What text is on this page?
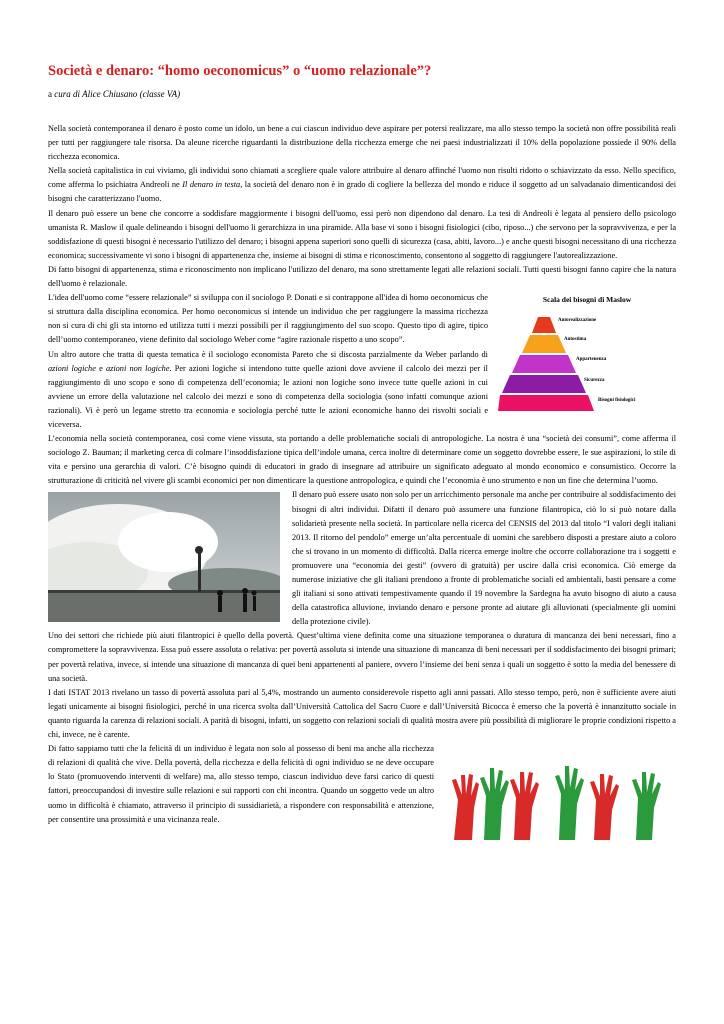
Società e denaro: “homo oeconomicus” o “uomo relazionale”?
a cura di Alice Chiusano (classe VA)

Nella società contemporanea il denaro è posto come un idolo, un bene a cui ciascun individuo deve aspirare per potersi realizzare, ma allo stesso tempo la società non offre possibilità reali per tutti per raggiungere tale risorsa. Da aleune ricerche riguardanti la distribuzione della ricchezza emerge che nei paesi industrializzati il 10% della popolazione possiede il 90% della ricchezza economica.

Nella società capitalistica in cui viviamo, gli individui sono chiamati a scegliere quale valore attribuire al denaro affinché l'uomo non risulti ridotto o schiavizzato da esso. Nello specifico, come afferma lo psichiatra Andreoli ne Il denaro in testa, la società del denaro non è in grado di cogliere la bellezza del mondo e riduce il soggetto ad un salvadanaio dimenticandosi dei bisogni che caratterizzano l'uomo.

Il denaro può essere un bene che concorre a soddisfare maggiormente i bisogni dell'uomo, essi però non dipendono dal denaro. La tesi di Andreoli è legata al pensiero dello psicologo umanista R. Maslow il quale delineando i bisogni dell'uomo li gerarchizza in una piramide. Alla base vi sono i bisogni fisiologici (cibo, riposo...) che servono per la sopravvivenza, e per la soddisfazione di questi bisogni è necessario l'utilizzo del denaro; i bisogni appena superiori sono quelli di sicurezza (casa, abiti, lavoro...) e anche questi bisogni necessitano di una ricchezza economica; successivamente vi sono i bisogni di appartenenza che, insieme ai bisogni di stima e riconoscimento, consentono al soggetto di raggiungere l'autorealizzazione.

Di fatto bisogni di appartenenza, stima e riconoscimento non implicano l'utilizzo del denaro, ma sono strettamente legati alle relazioni sociali. Tutti questi bisogni fanno capire che la natura dell'uomo è relazionale.

Scala dei bisogni di Maslow
Autorealizzazione
Autostima
Appartenenza
Sicurezza
Bisogni fisiologici

L'idea dell'uomo come “essere relazionale” si sviluppa con il sociologo P. Donati e si contrappone all'idea di homo oeconomicus che si struttura dalla disciplina economica. Per homo oeconomicus si intende un individuo che per raggiungere la massima ricchezza non si cura di chi gli sta intorno ed utilizza tutti i mezzi possibili per il raggiungimento del suo scopo. Questo tipo di agire, tipico dell’uomo contemporaneo, viene definito dal sociologo Weber come “agire razionale rispetto a uno scopo”.

Un altro autore che tratta di questa tematica è il sociologo economista Pareto che si discosta parzialmente da Weber parlando di azioni logiche e azioni non logiche. Per azioni logiche si intendono tutte quelle azioni dove avviene il calcolo dei mezzi per il raggiungimento di uno scopo e sono di competenza dell’economia; le azioni non logiche sono invece tutte quelle azioni in cui avviene un errore della valutazione nel calcolo dei mezzi e sono di competenza della sociologia (sono infatti comunque azioni razionali). Vi è però un legame stretto tra economia e sociologia perché tutte le azioni economiche hanno dei risvolti sociali e viceversa.

L’economia nella società contemporanea, così come viene vissuta, sta portando a delle problematiche sociali di antropologiche. La nostra è una “società dei consumi”, come afferma il sociologo Z. Bauman; il marketing cerca di colmare l’insoddisfazione tipica dell’indole umana, cerca inoltre di determinare come un soggetto dovrebbe essere, le sue aspirazioni, lo stile di vita e persino una gerarchia di valori. C’è bisogno quindi di educatori in grado di insegnare ad attribuire un significato adeguato al mondo economico e consumistico. Occorre la strutturazione di criticità nel vivere gli scambi economici per non dimenticare la questione antropologica, e quindi che l’economia è uno strumento e non un fine che determina l’uomo.

Il denaro può essere usato non solo per un arricchimento personale ma anche per contribuire al soddisfacimento dei bisogni di altri individui. Difatti il denaro può assumere una funzione filantropica, ciò lo si può notare dalla solidarietà presente nella società. In particolare nella ricerca del CENSIS del 2013 dal titolo “I valori degli italiani 2013. Il ritorno del pendolo” emerge un’alta percentuale di uomini che sarebbero disposti a prestare aiuto a coloro che si trovano in un momento di difficoltà. Dalla ricerca emerge inoltre che occorre collaborazione tra i soggetti e promuovere una “economia dei gesti” (ovvero di gratuità) per uscire dalla crisi economica. Ciò emerge da numerose iniziative che gli italiani prendono a fronte di problematiche sociali ed ambientali, basti pensare a come gli italiani si sono attivati tempestivamente quando il 19 novembre la Sardegna ha avuto bisogno di aiuto a causa della catastrofica alluvione, inviando denaro e persone pronte ad aiutare gli alluvionati (specialmente gli uomini della protezione civile).

Uno dei settori che richiede più aiuti filantropici è quello della povertà. Quest’ultima viene definita come una situazione temporanea o duratura di mancanza dei beni necessari, fino a compromettere la sopravvivenza. Essa può essere assoluta o relativa: per povertà assoluta si intende una situazione di mancanza di beni necessari per il soddisfacimento dei bisogni primari; per povertà relativa, invece, si intende una situazione di mancanza di quei beni appartenenti al paniere, ovvero l’insieme dei beni senza i quali un soggetto è sotto la media del benessere di una società.

I dati ISTAT 2013 rivelano un tasso di povertà assoluta pari al 5,4%, mostrando un aumento considerevole rispetto agli anni passati. Allo stesso tempo, però, non è sufficiente avere aiuti legati unicamente ai bisogni fisiologici, perché in una ricerca svolta dall’Università Cattolica del Sacro Cuore e dall’Università Bicocca è emerso che la povertà è innanzitutto sociale in quanto riguarda la carenza di relazioni sociali. A parità di bisogni, infatti, un soggetto con relazioni sociali di qualità mostra avere più possibilità di migliorare le proprie condizioni rispetto a chi, invece, ne è carente.

Di fatto sappiamo tutti che la felicità di un individuo è legata non solo al possesso di beni ma anche alla ricchezza di relazioni di qualità che vive. Della povertà, della ricchezza e della felicità di ogni individuo se ne deve occupare lo Stato (promuovendo interventi di welfare) ma, allo stesso tempo, ciascun individuo deve farsi carico di questi fattori, preoccupandosi di investire sulle relazioni e sui rapporti con chi incontra. Quando un soggetto vede un altro uomo in difficoltà è chiamato, attraverso il principio di sussidiarietà, a rispondere con responsabilità e attenzione, per consentire una prossimità e una vicinanza reale.
